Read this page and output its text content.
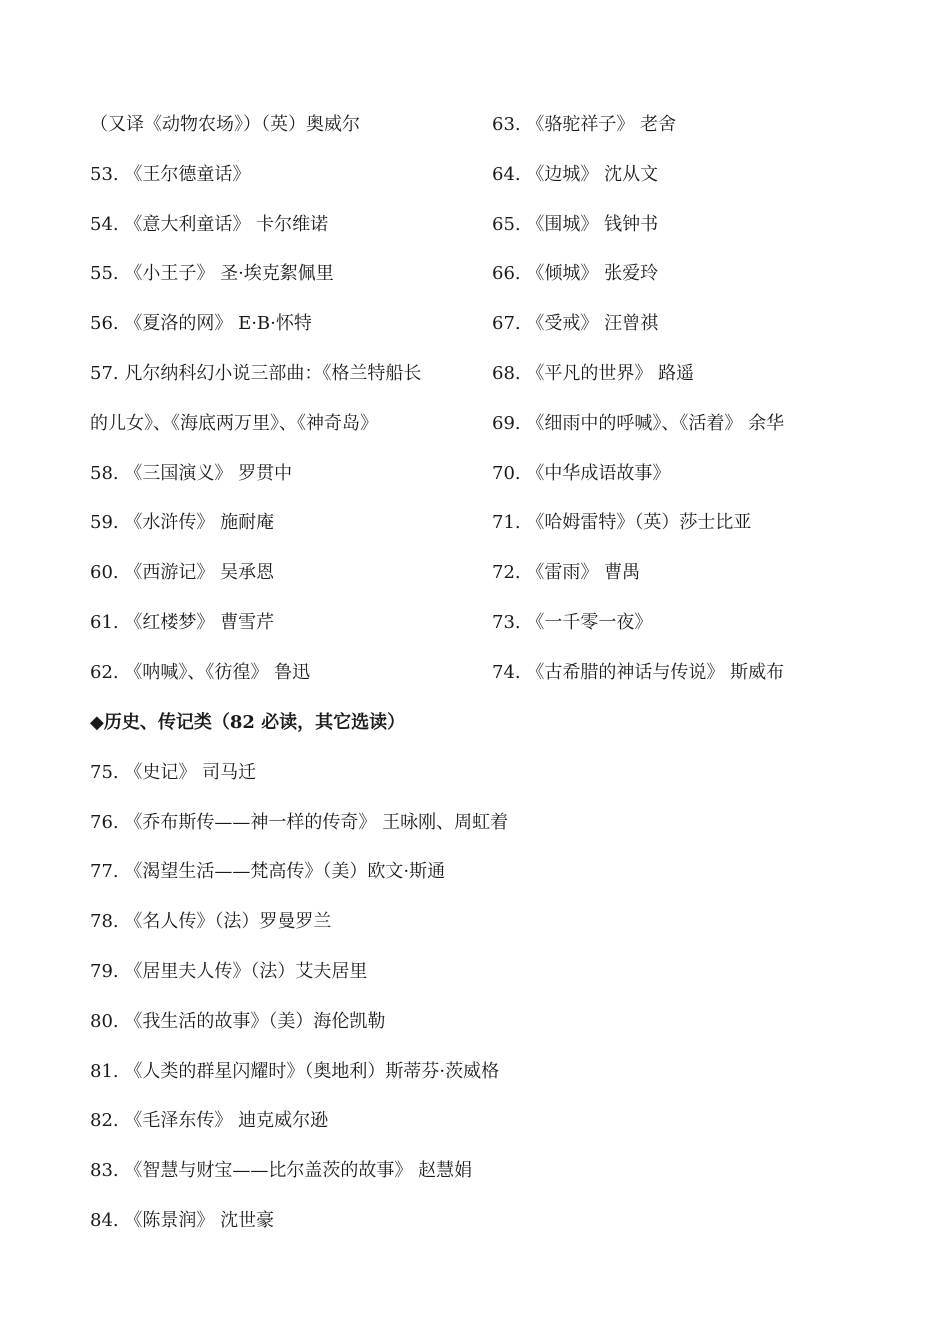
（又译《动物农场》）（英）奥威尔
53. 《王尔德童话》
54. 《意大利童话》 卡尔维诺
55. 《小王子》 圣·埃克絮佩里
56. 《夏洛的网》 E·B·怀特
57. 凡尔纳科幻小说三部曲：《格兰特船长
的儿女》、《海底两万里》、《神奇岛》
58. 《三国演义》 罗贯中
59. 《水浒传》 施耐庵
60. 《西游记》 吴承恩
61. 《红楼梦》 曹雪芹
62. 《呐喊》、《彷徨》 鲁迅
63. 《骆驼祥子》 老舍
64. 《边城》 沈从文
65. 《围城》 钱钟书
66. 《倾城》 张爱玲
67. 《受戒》 汪曾祺
68. 《平凡的世界》 路遥
69. 《细雨中的呼喊》、《活着》 余华
70. 《中华成语故事》
71. 《哈姆雷特》（英）莎士比亚
72. 《雷雨》 曹禺
73. 《一千零一夜》
74. 《古希腊的神话与传说》 斯威布
◆历史、传记类（82 必读，其它选读）
75. 《史记》 司马迁
76. 《乔布斯传——神一样的传奇》 王咏刚、周虹着
77. 《渴望生活——梵高传》（美）欧文·斯通
78. 《名人传》（法）罗曼罗兰
79. 《居里夫人传》（法）艾夫居里
80. 《我生活的故事》（美）海伦凯勒
81. 《人类的群星闪耀时》（奥地利）斯蒂芬·茨威格
82. 《毛泽东传》 迪克威尔逊
83. 《智慧与财宝——比尔盖茨的故事》 赵慧娟
84. 《陈景润》 沈世豪
